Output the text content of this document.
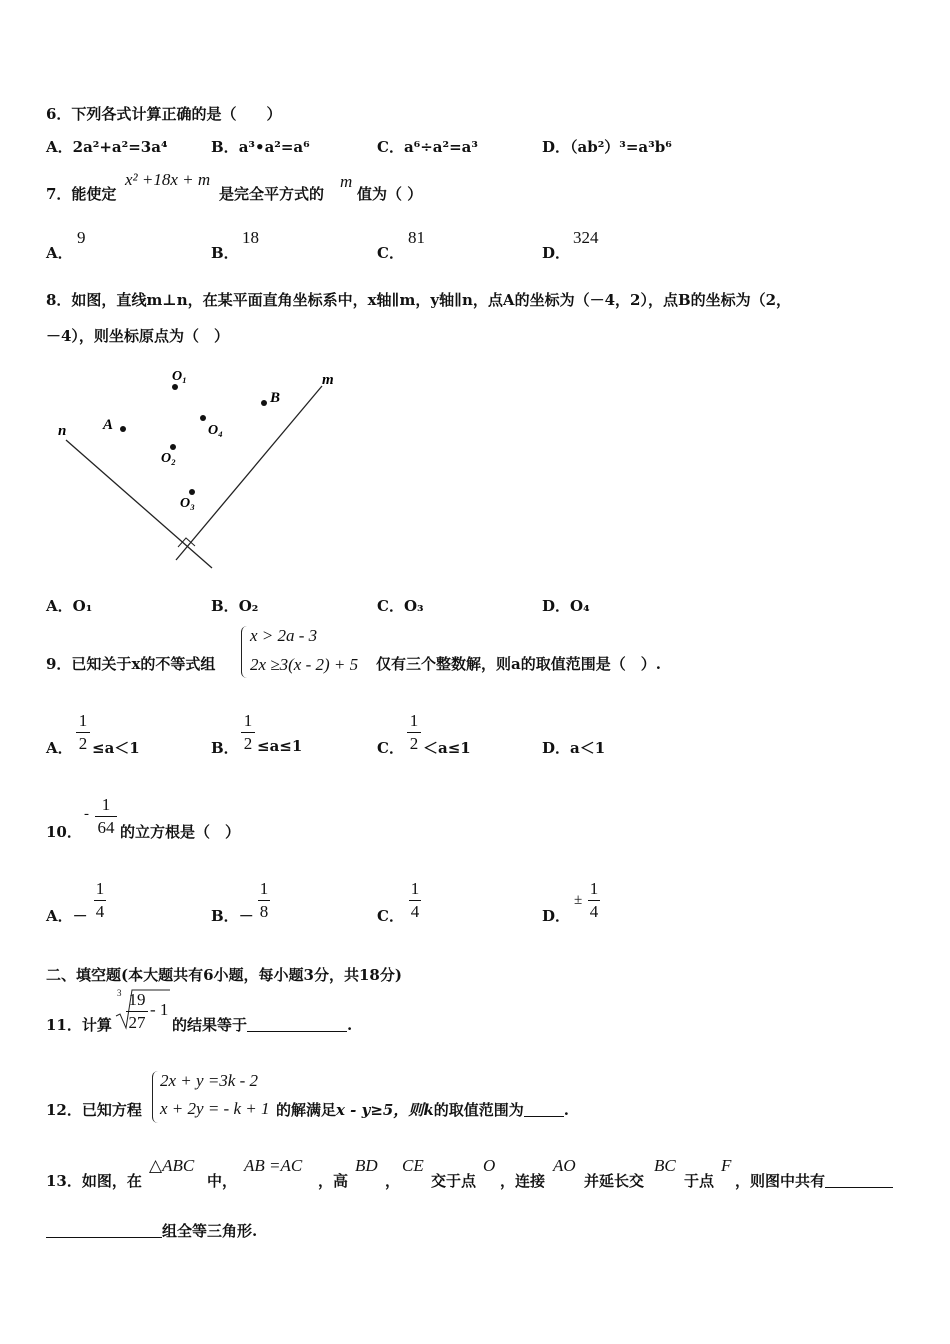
6．下列各式计算正确的是（　　）
A．2a²+a²=3a⁴	B．a³•a²=a⁶	C．a⁶÷a²=a³	D．（ab²）³=a³b⁶
7．能使定
x² +18x + m
是完全平方式的
m
值为（ ）
A．
9
B．
18
C．
81
D．
324
8．如图，直线m⊥n，在某平面直角坐标系中，x轴∥m，y轴∥n，点A的坐标为（－4，2），点B的坐标为（2，
－4），则坐标原点为（　）
n
m
O₁
B
A	O₄
O₂
O₃
A．O₁	B．O₂	C．O₃	D．O₄
9．已知关于x的不等式组
x > 2a - 3
2x ≥3(x - 2) + 5 仅有三个整数解，则a的取值范围是（　）.
A．
1
2 ≤a＜1	B．
1
2 ≤a≤1	C．
1
2 ＜a≤1	D．a＜1
10．
- 1
64 的立方根是（　）
A．－
1
4	B．－
1
8	C．
1
4	D．
±
1
4
二、填空题(本大题共有6小题，每小题3分，共18分)
11．计算
3 19
27
- 1
的结果等于	.
12．已知方程
2x + y =3k - 2
x + 2y = - k + 1 的解满足x - y≥5，则k的取值范围为	.
13．如图，在
△ABC
中，
AB =AC
，高
BD
，
CE
交于点
O
，连接
AO
并延长交
BC
于点
F
，则图中共有
组全等三角形.
